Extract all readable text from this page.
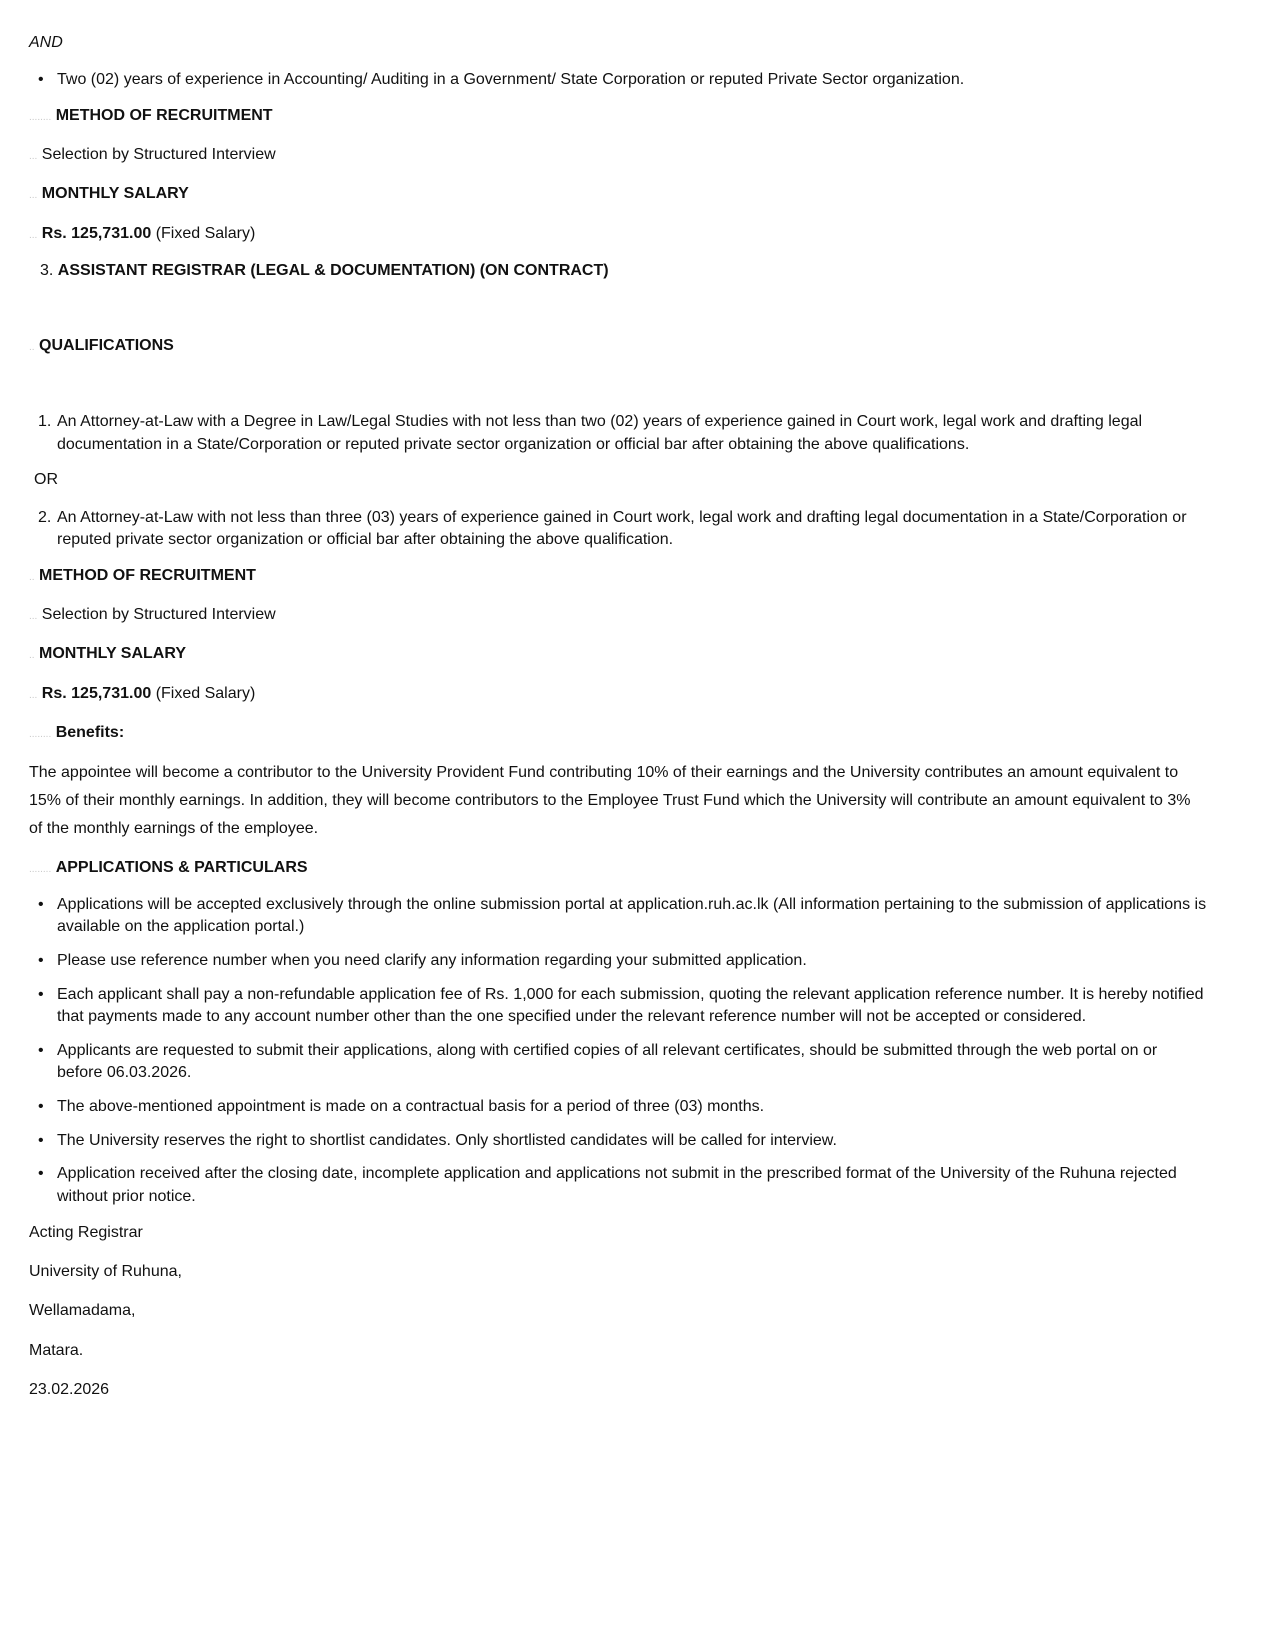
AND
• Two (02) years of experience in Accounting/ Auditing in a Government/ State Corporation or reputed Private Sector organization.
........ METHOD OF RECRUITMENT
... Selection by Structured Interview
... MONTHLY SALARY
... Rs. 125,731.00 (Fixed Salary)
3. ASSISTANT REGISTRAR (LEGAL & DOCUMENTATION) (ON CONTRACT)
.. QUALIFICATIONS
1. An Attorney-at-Law with a Degree in Law/Legal Studies with not less than two (02) years of experience gained in Court work, legal work and drafting legal
documentation in a State/Corporation or reputed private sector organization or official bar after obtaining the above qualifications.
OR
2. An Attorney-at-Law with not less than three (03) years of experience gained in Court work, legal work and drafting legal documentation in a State/Corporation or
reputed private sector organization or official bar after obtaining the above qualification.
.. METHOD OF RECRUITMENT
... Selection by Structured Interview
.. MONTHLY SALARY
... Rs. 125,731.00 (Fixed Salary)
........ Benefits:
The appointee will become a contributor to the University Provident Fund contributing 10% of their earnings and the University contributes an amount equivalent to
15% of their monthly earnings. In addition, they will become contributors to the Employee Trust Fund which the University will contribute an amount equivalent to 3%
of the monthly earnings of the employee.
........ APPLICATIONS & PARTICULARS
• Applications will be accepted exclusively through the online submission portal at application.ruh.ac.lk (All information pertaining to the submission of applications is
available on the application portal.)
• Please use reference number when you need clarify any information regarding your submitted application.
• Each applicant shall pay a non-refundable application fee of Rs. 1,000 for each submission, quoting the relevant application reference number. It is hereby notified
that payments made to any account number other than the one specified under the relevant reference number will not be accepted or considered.
• Applicants are requested to submit their applications, along with certified copies of all relevant certificates, should be submitted through the web portal on or
before 06.03.2026.
• The above-mentioned appointment is made on a contractual basis for a period of three (03) months.
• The University reserves the right to shortlist candidates. Only shortlisted candidates will be called for interview.
• Application received after the closing date, incomplete application and applications not submit in the prescribed format of the University of the Ruhuna rejected
without prior notice.
Acting Registrar
University of Ruhuna,
Wellamadama,
Matara.
23.02.2026
